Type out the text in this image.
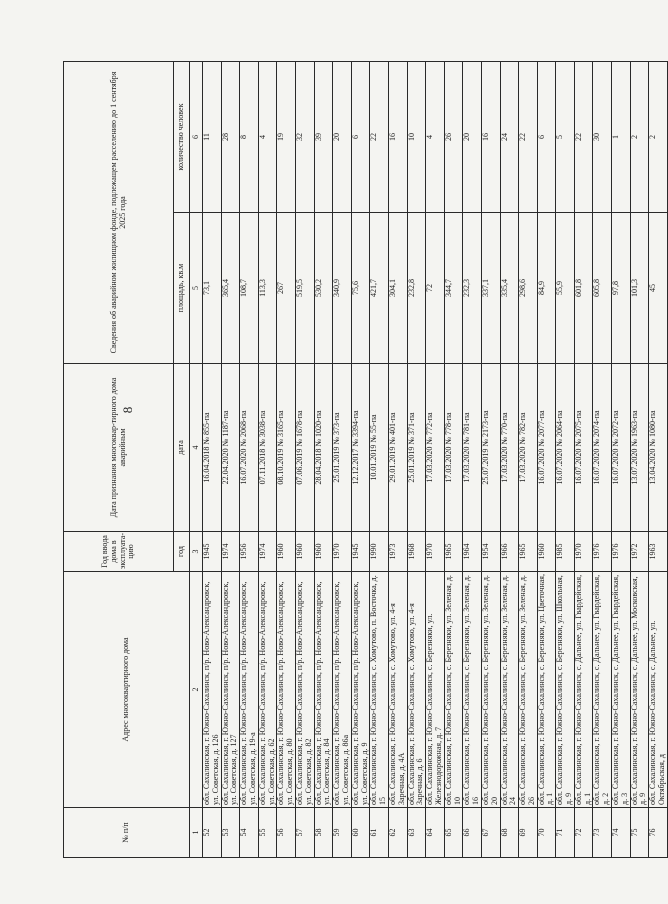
8
№ п/п	Адрес многоквартирного дома	Год ввода дома в эксплуата-цию	Дата признания многоквар-тирного дома аварийным	Сведения об аварийном жилищном фонде, подлежащем расселению до 1 сентября 2025 года	
		год	дата	площадь, кв.м	количество человек
1	2	3	4	5	6
52	обл. Сахалинская, г. Южно-Сахалинск, п/р. Ново-Александровск, ул. Советская, д. 126	1945	16.04.2018 № 855-па	73,1	11
53	обл. Сахалинская, г. Южно-Сахалинск, п/р. Ново-Александровск, ул. Советская, д. 127	1974	22.04.2020 № 1187-па	365,4	28
54	обл. Сахалинская, г. Южно-Сахалинск, п/р. Ново-Александровск, ул. Советская, д. 19-а	1956	16.07.2020 № 2068-па	108,7	8
55	обл. Сахалинская, г. Южно-Сахалинск, п/р. Ново-Александровск, ул. Советская, д. 62	1974	07.11.2018 № 3038-па	113,3	4
56	обл. Сахалинская, г. Южно-Сахалинск, п/р. Ново-Александровск, ул. Советская, д. 80	1960	08.10.2019 № 3165-па	267	19
57	обл. Сахалинская, г. Южно-Сахалинск, п/р. Ново-Александровск, ул. Советская, д. 82	1960	07.06.2019 № 1678-па	519,5	32
58	обл. Сахалинская, г. Южно-Сахалинск, п/р. Ново-Александровск, ул. Советская, д. 84	1960	28.04.2018 № 1020-па	530,2	39
59	обл. Сахалинская, г. Южно-Сахалинск, п/р. Ново-Александровск, ул. Советская, д. 86а	1970	25.01.2019 № 373-па	340,9	20
60	обл. Сахалинская, г. Южно-Сахалинск, п/р. Ново-Александровск, ул. Советская, д. 9	1945	12.12.2017 № 3394-па	75,6	6
61	обл. Сахалинская, г. Южно-Сахалинск, с. Хомутово, п. Восточка, д. 15	1990	10.01.2019 № 55-па	421,7	22
62	обл. Сахалинская, г. Южно-Сахалинск, с. Хомутово, ул. 4-я Заречная, д. 4А	1973	29.01.2019 № 401-па	304,1	16
63	обл. Сахалинская, г. Южно-Сахалинск, с. Хомутово, ул. 4-я Заречная, д. 6	1968	25.01.2019 № 371-па	232,8	10
64	обл. Сахалинская, г. Южно-Сахалинск, с. Березняки, ул. Железнодорожная, д. 7	1970	17.03.2020 № 772-па	72	4
65	обл. Сахалинская, г. Южно-Сахалинск, с. Березняки, ул. Зеленая, д. 10	1965	17.03.2020 № 778-па	344,7	26
66	обл. Сахалинская, г. Южно-Сахалинск, с. Березняки, ул. Зеленая, д. 16	1964	17.03.2020 № 781-па	232,3	20
67	обл. Сахалинская, г. Южно-Сахалинск, с. Березняки, ул. Зеленая, д. 20	1954	25.07.2019 № 2173-па	337,1	16
68	обл. Сахалинская, г. Южно-Сахалинск, с. Березняки, ул. Зеленая, д. 24	1966	17.03.2020 № 770-па	335,4	24
69	обл. Сахалинская, г. Южно-Сахалинск, с. Березняки, ул. Зеленая, д. 26	1965	17.03.2020 № 782-па	298,6	22
70	обл. Сахалинская, г. Южно-Сахалинск, с. Березняки, ул. Цветочная, д. 1	1960	16.07.2020 № 2077-па	84,9	6
71	обл. Сахалинская, г. Южно-Сахалинск, с. Березняки, ул. Школьная, д. 9	1985	16.07.2020 № 2064-па	55,9	5
72	обл. Сахалинская, г. Южно-Сахалинск, с. Дальнее, ул. Гвардейская, д. 1	1970	16.07.2020 № 2075-па	601,8	22
73	обл. Сахалинская, г. Южно-Сахалинск, с. Дальнее, ул. Гвардейская, д. 2	1976	16.07.2020 № 2074-па	605,8	30
74	обл. Сахалинская, г. Южно-Сахалинск, с. Дальнее, ул. Гвардейская, д. 3	1976	16.07.2020 № 2072-па	97,8	1
75	обл. Сахалинская, г. Южно-Сахалинск, с. Дальнее, ул. Московская, д. 9	1972	13.07.2020 № 1963-па	101,3	2
76	обл. Сахалинская, г. Южно-Сахалинск, с. Дальнее, ул. Октябрьская, д	1963	13.04.2020 № 1080-па	45	2
